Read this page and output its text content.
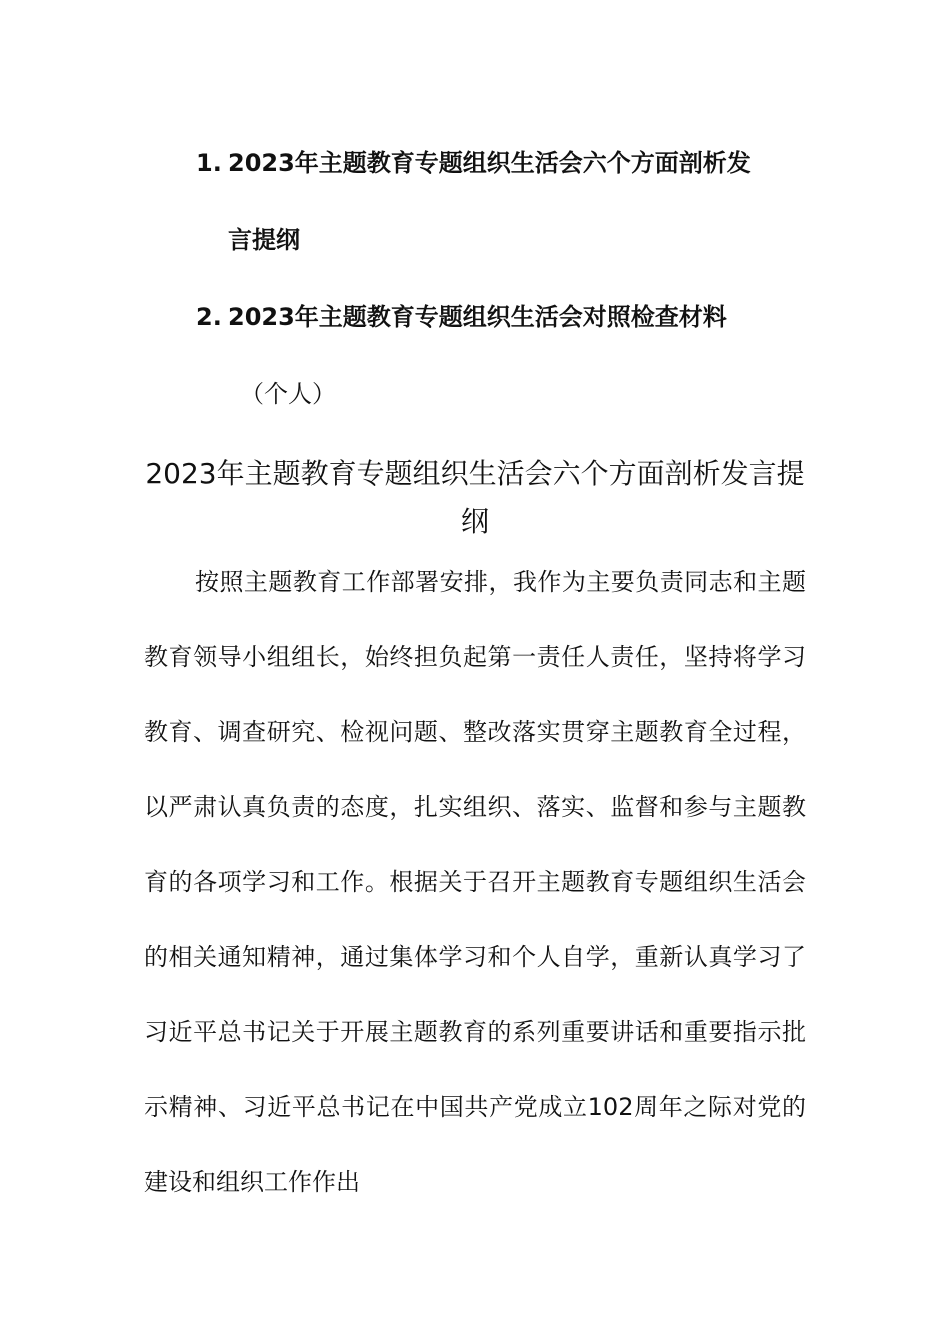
1. 2023年主题教育专题组织生活会六个方面剖析发
言提纲
2. 2023年主题教育专题组织生活会对照检查材料
（个人）
2023年主题教育专题组织生活会六个方面剖析发言提纲
按照主题教育工作部署安排，我作为主要负责同志和主题教育领导小组组长，始终担负起第一责任人责任，坚持将学习教育、调查研究、检视问题、整改落实贯穿主题教育全过程，以严肃认真负责的态度，扎实组织、落实、监督和参与主题教育的各项学习和工作。根据关于召开主题教育专题组织生活会的相关通知精神，通过集体学习和个人自学，重新认真学习了习近平总书记关于开展主题教育的系列重要讲话和重要指示批示精神、习近平总书记在中国共产党成立102周年之际对党的建设和组织工作作出
